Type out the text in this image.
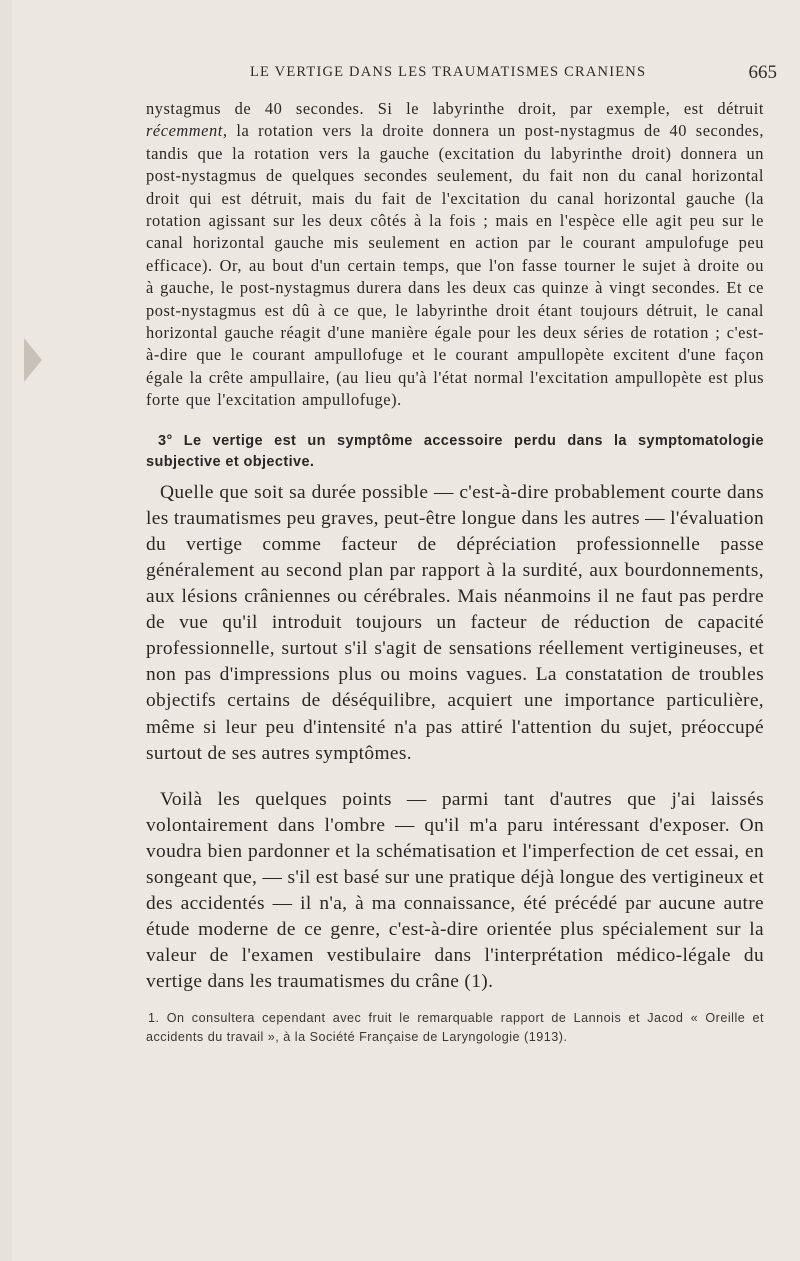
LE VERTIGE DANS LES TRAUMATISMES CRANIENS	665

nystagmus de 40 secondes. Si le labyrinthe droit, par exemple, est détruit récemment, la rotation vers la droite donnera un post-nystagmus de 40 secondes, tandis que la rotation vers la gauche (excitation du labyrinthe droit) donnera un post-nystagmus de quelques secondes seulement, du fait non du canal horizontal droit qui est détruit, mais du fait de l'excitation du canal horizontal gauche (la rotation agissant sur les deux côtés à la fois ; mais en l'espèce elle agit peu sur le canal horizontal gauche mis seulement en action par le courant ampulofuge peu efficace). Or, au bout d'un certain temps, que l'on fasse tourner le sujet à droite ou à gauche, le post-nystagmus durera dans les deux cas quinze à vingt secondes. Et ce post-nystagmus est dû à ce que, le labyrinthe droit étant toujours détruit, le canal horizontal gauche réagit d'une manière égale pour les deux séries de rotation ; c'est-à-dire que le courant ampullofuge et le courant ampullopète excitent d'une façon égale la crête ampullaire, (au lieu qu'à l'état normal l'excitation ampullopète est plus forte que l'excitation ampullofuge).

3° Le vertige est un symptôme accessoire perdu dans la symptomatologie subjective et objective.

Quelle que soit sa durée possible — c'est-à-dire probablement courte dans les traumatismes peu graves, peut-être longue dans les autres — l'évaluation du vertige comme facteur de dépréciation professionnelle passe généralement au second plan par rapport à la surdité, aux bourdonnements, aux lésions crâniennes ou cérébrales. Mais néanmoins il ne faut pas perdre de vue qu'il introduit toujours un facteur de réduction de capacité professionnelle, surtout s'il s'agit de sensations réellement vertigineuses, et non pas d'impressions plus ou moins vagues. La constatation de troubles objectifs certains de déséquilibre, acquiert une importance particulière, même si leur peu d'intensité n'a pas attiré l'attention du sujet, préoccupé surtout de ses autres symptômes.

Voilà les quelques points — parmi tant d'autres que j'ai laissés volontairement dans l'ombre — qu'il m'a paru intéressant d'exposer. On voudra bien pardonner et la schématisation et l'imperfection de cet essai, en songeant que, — s'il est basé sur une pratique déjà longue des vertigineux et des accidentés — il n'a, à ma connaissance, été précédé par aucune autre étude moderne de ce genre, c'est-à-dire orientée plus spécialement sur la valeur de l'examen vestibulaire dans l'interprétation médico-légale du vertige dans les traumatismes du crâne (1).

1. On consultera cependant avec fruit le remarquable rapport de Lannois et Jacod « Oreille et accidents du travail », à la Société Française de Laryngologie (1913).
